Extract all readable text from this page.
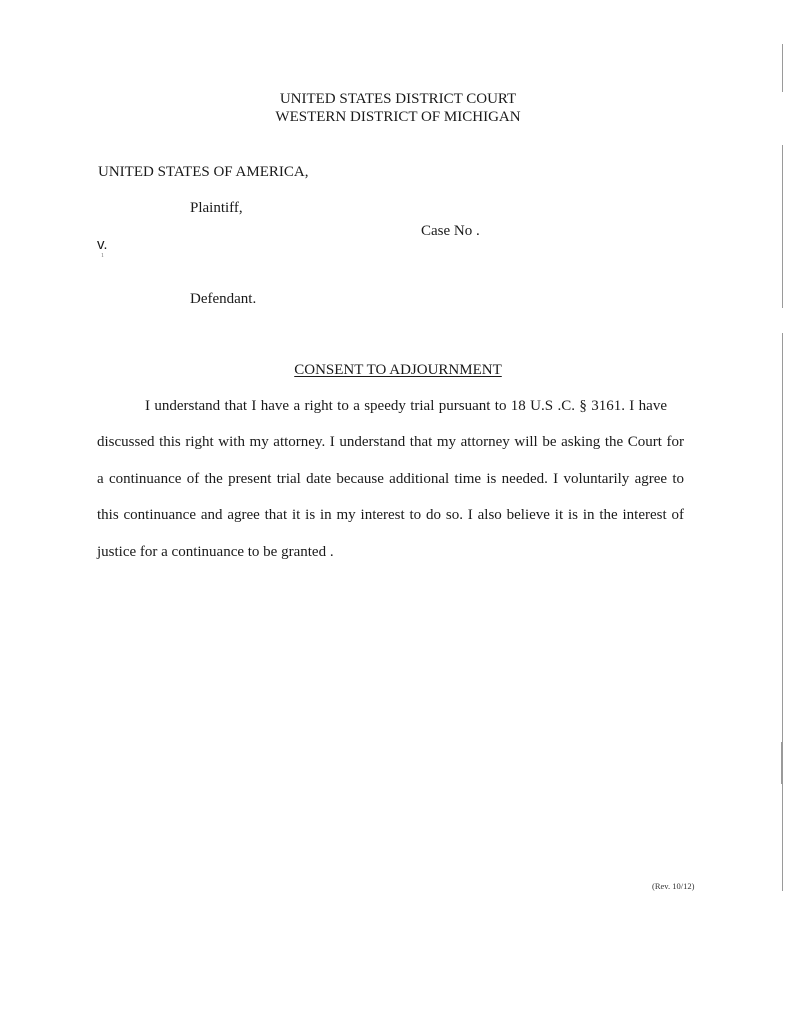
UNITED STATES DISTRICT COURT
WESTERN DISTRICT OF MICHIGAN
UNITED STATES OF AMERICA,
Plaintiff,
Case No .
v.
1
Defendant.
CONSENT TO ADJOURNMENT
I understand that I have a right to a speedy trial pursuant to 18 U.S .C. § 3161. I have
discussed this right with my attorney. I understand that my attorney will be asking the Court for
a continuance of the present trial date because additional time is needed. I voluntarily agree to
this continuance and agree that it is in my interest to do so. I also believe it is in the interest of
justice for a continuance to be granted .
(Rev. 10/12)
